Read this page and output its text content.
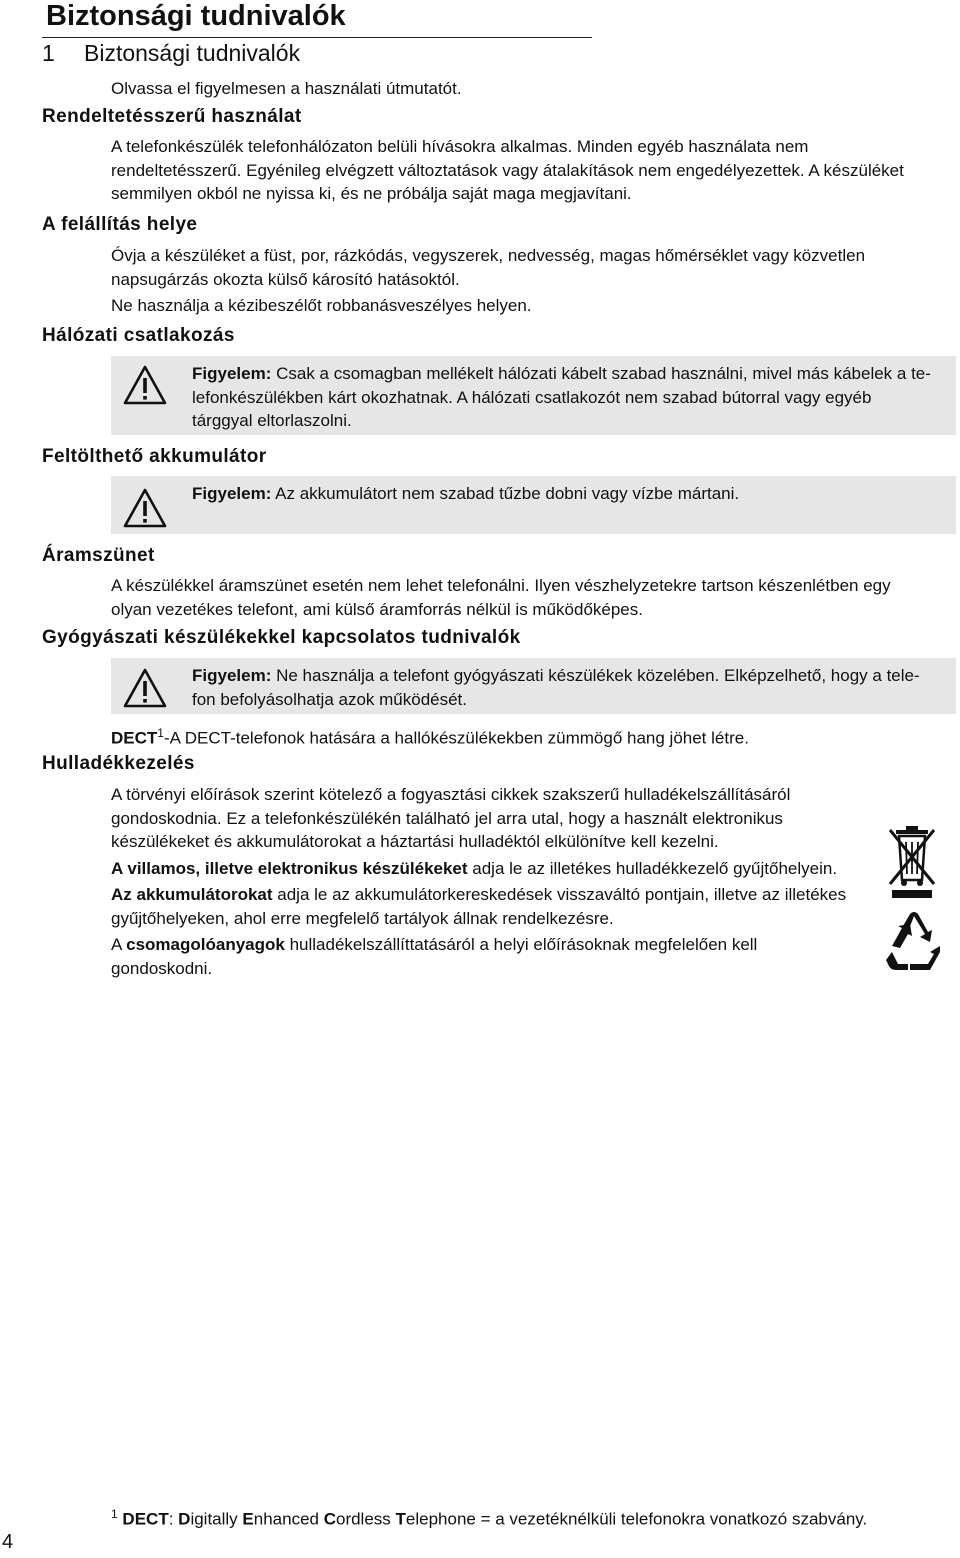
Biztonsági tudnivalók
1 Biztonsági tudnivalók

Olvassa el figyelmesen a használati útmutatót.

Rendeltetésszerű használat

A telefonkészülék telefonhálózaton belüli hívásokra alkalmas. Minden egyéb használata nem

rendeltetésszerű. Egyénileg elvégzett változtatások vagy átalakítások nem engedélyezettek. A készüléket

semmilyen okból ne nyissa ki, és ne próbálja saját maga megjavítani.

A felállítás helye

Óvja a készüléket a füst, por, rázkódás, vegyszerek, nedvesség, magas hőmérséklet vagy közvetlen

napsugárzás okozta külső károsító hatásoktól.

Ne használja a kézibeszélőt robbanásveszélyes helyen.

Hálózati csatlakozás

Figyelem: Csak a csomagban mellékelt hálózati kábelt szabad használni, mivel más kábelek a te-

lefonkészülékben kárt okozhatnak. A hálózati csatlakozót nem szabad bútorral vagy egyéb

tárggyal eltorlaszolni.

Feltölthető akkumulátor

Figyelem: Az akkumulátort nem szabad tűzbe dobni vagy vízbe mártani.

Áramszünet

A készülékkel áramszünet esetén nem lehet telefonálni. Ilyen vészhelyzetekre tartson készenlétben egy

olyan vezetékes telefont, ami külső áramforrás nélkül is működőképes.

Gyógyászati készülékekkel kapcsolatos tudnivalók

Figyelem: Ne használja a telefont gyógyászati készülékek közelében. Elképzelhető, hogy a tele-

fon befolyásolhatja azok működését.

DECT$^1$-A DECT-telefonok hatására a hallókészülékekben zümmögő hang jöhet létre.

Hulladékkezelés

A törvényi előírások szerint kötelező a fogyasztási cikkek szakszerű hulladékelszállításáról

gondoskodnia. Ez a telefonkészülékén található jel arra utal, hogy a használt elektronikus

készülékeket és akkumulátorokat a háztartási hulladéktól elkülönítve kell kezelni.

A villamos, illetve elektronikus készülékeket adja le az illetékes hulladékkezelő gyűjtőhelyein.

Az akkumulátorokat adja le az akkumulátorkereskedések visszaváltó pontjain, illetve az illetékes

gyűjtőhelyeken, ahol erre megfelelő tartályok állnak rendelkezésre.

A csomagolóanyagok hulladékelszállíttatásáról a helyi előírásoknak megfelelően kell

gondoskodni.

$^1$ DECT: Digitally Enhanced Cordless Telephone = a vezetéknélküli telefonokra vonatkozó szabvány.

4
